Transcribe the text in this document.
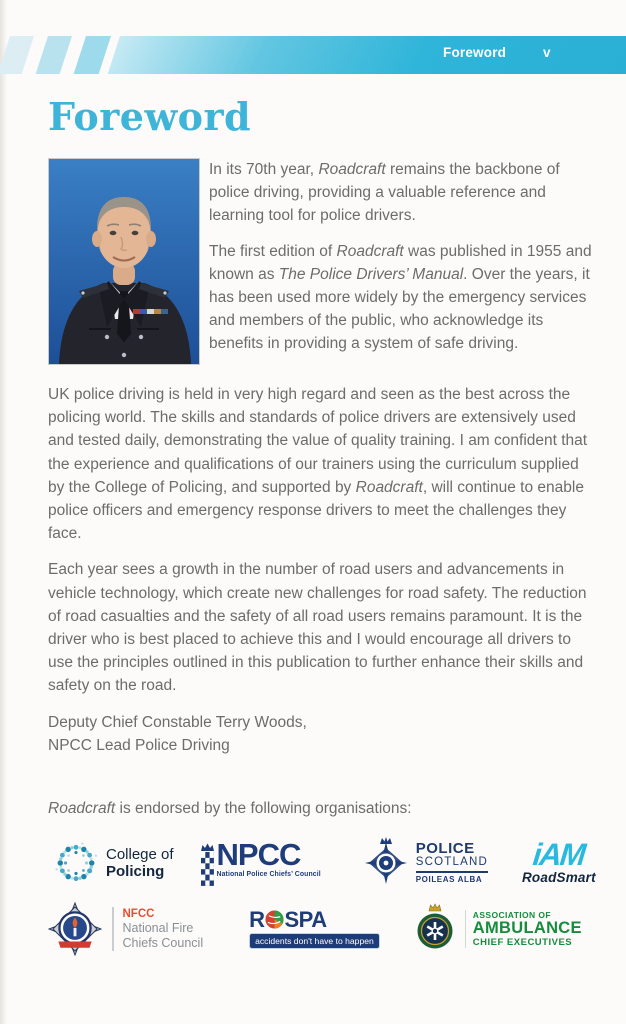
Foreword	v
Foreword

In its 70th year, Roadcraft remains the backbone of police driving, providing a valuable reference and learning tool for police drivers.

The first edition of Roadcraft was published in 1955 and known as The Police Drivers’ Manual. Over the years, it has been used more widely by the emergency services and members of the public, who acknowledge its benefits in providing a system of safe driving.

UK police driving is held in very high regard and seen as the best across the policing world. The skills and standards of police drivers are extensively used and tested daily, demonstrating the value of quality training. I am confident that the experience and qualifications of our trainers using the curriculum supplied by the College of Policing, and supported by Roadcraft, will continue to enable police officers and emergency response drivers to meet the challenges they face.

Each year sees a growth in the number of road users and advancements in vehicle technology, which create new challenges for road safety. The reduction of road casualties and the safety of all road users remains paramount. It is the driver who is best placed to achieve this and I would encourage all drivers to use the principles outlined in this publication to further enhance their skills and safety on the road.

Deputy Chief Constable Terry Woods,
NPCC Lead Police Driving
Roadcraft is endorsed by the following organisations:
College of
Policing NPCC
National Police Chiefs’ Council
POLICE
SCOTLAND
POILEAS ALBA
iAM
RoadSmart
NFCC
National Fire
Chiefs Council
R SPA
accidents don't have to happen
ASSOCIATION OF
AMBULANCE
CHIEF EXECUTIVES
